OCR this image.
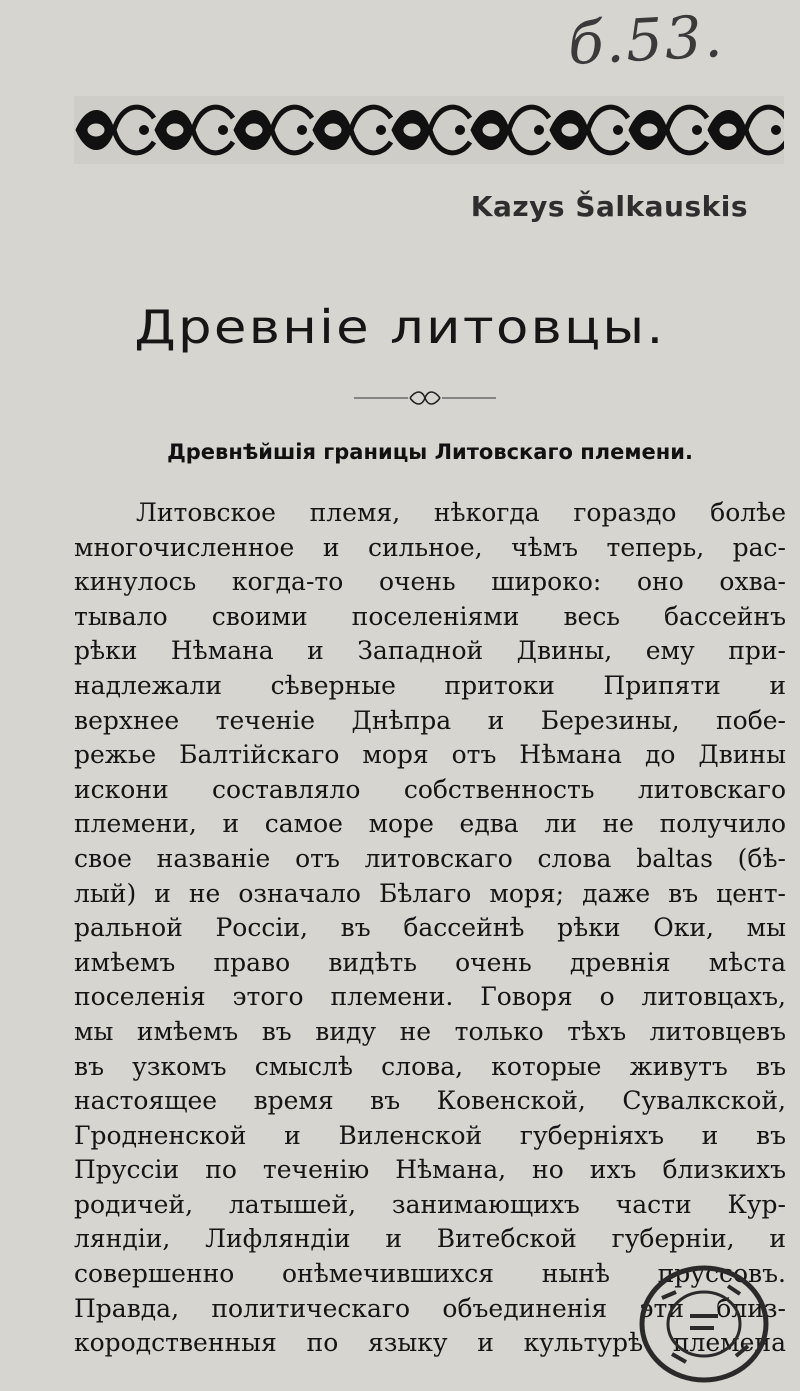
б.53.
Kazys Šalkauskis
Древніе литовцы.
Древнѣйшія границы Литовскаго племени.
Литовское племя, нѣкогда гораздо болѣе
многочисленное и сильное, чѣмъ теперь, рас-
кинулось когда-то очень широко: оно охва-
тывало своими поселеніями весь бассейнъ
рѣки Нѣмана и Западной Двины, ему при-
надлежали сѣверные притоки Припяти и
верхнее теченіе Днѣпра и Березины, побе-
режье Балтійскаго моря отъ Нѣмана до Двины
искони составляло собственность литовскаго
племени, и самое море едва ли не получило
свое названіе отъ литовскаго слова baltas (бѣ-
лый) и не означало Бѣлаго моря; даже въ цент-
ральной Россіи, въ бассейнѣ рѣки Оки, мы
имѣемъ право видѣть очень древнія мѣста
поселенія этого племени. Говоря о литовцахъ,
мы имѣемъ въ виду не только тѣхъ литовцевъ
въ узкомъ смыслѣ слова, которые живутъ въ
настоящее время въ Ковенской, Сувалкской,
Гродненской и Виленской губерніяхъ и въ
Пруссіи по теченію Нѣмана, но ихъ близкихъ
родичей, латышей, занимающихъ части Кур-
ляндіи, Лифляндіи и Витебской губерніи, и
совершенно онѣмечившихся нынѣ пруссовъ.
Правда, политическаго объединенія эти близ-
кородственныя по языку и культурѣ племена
